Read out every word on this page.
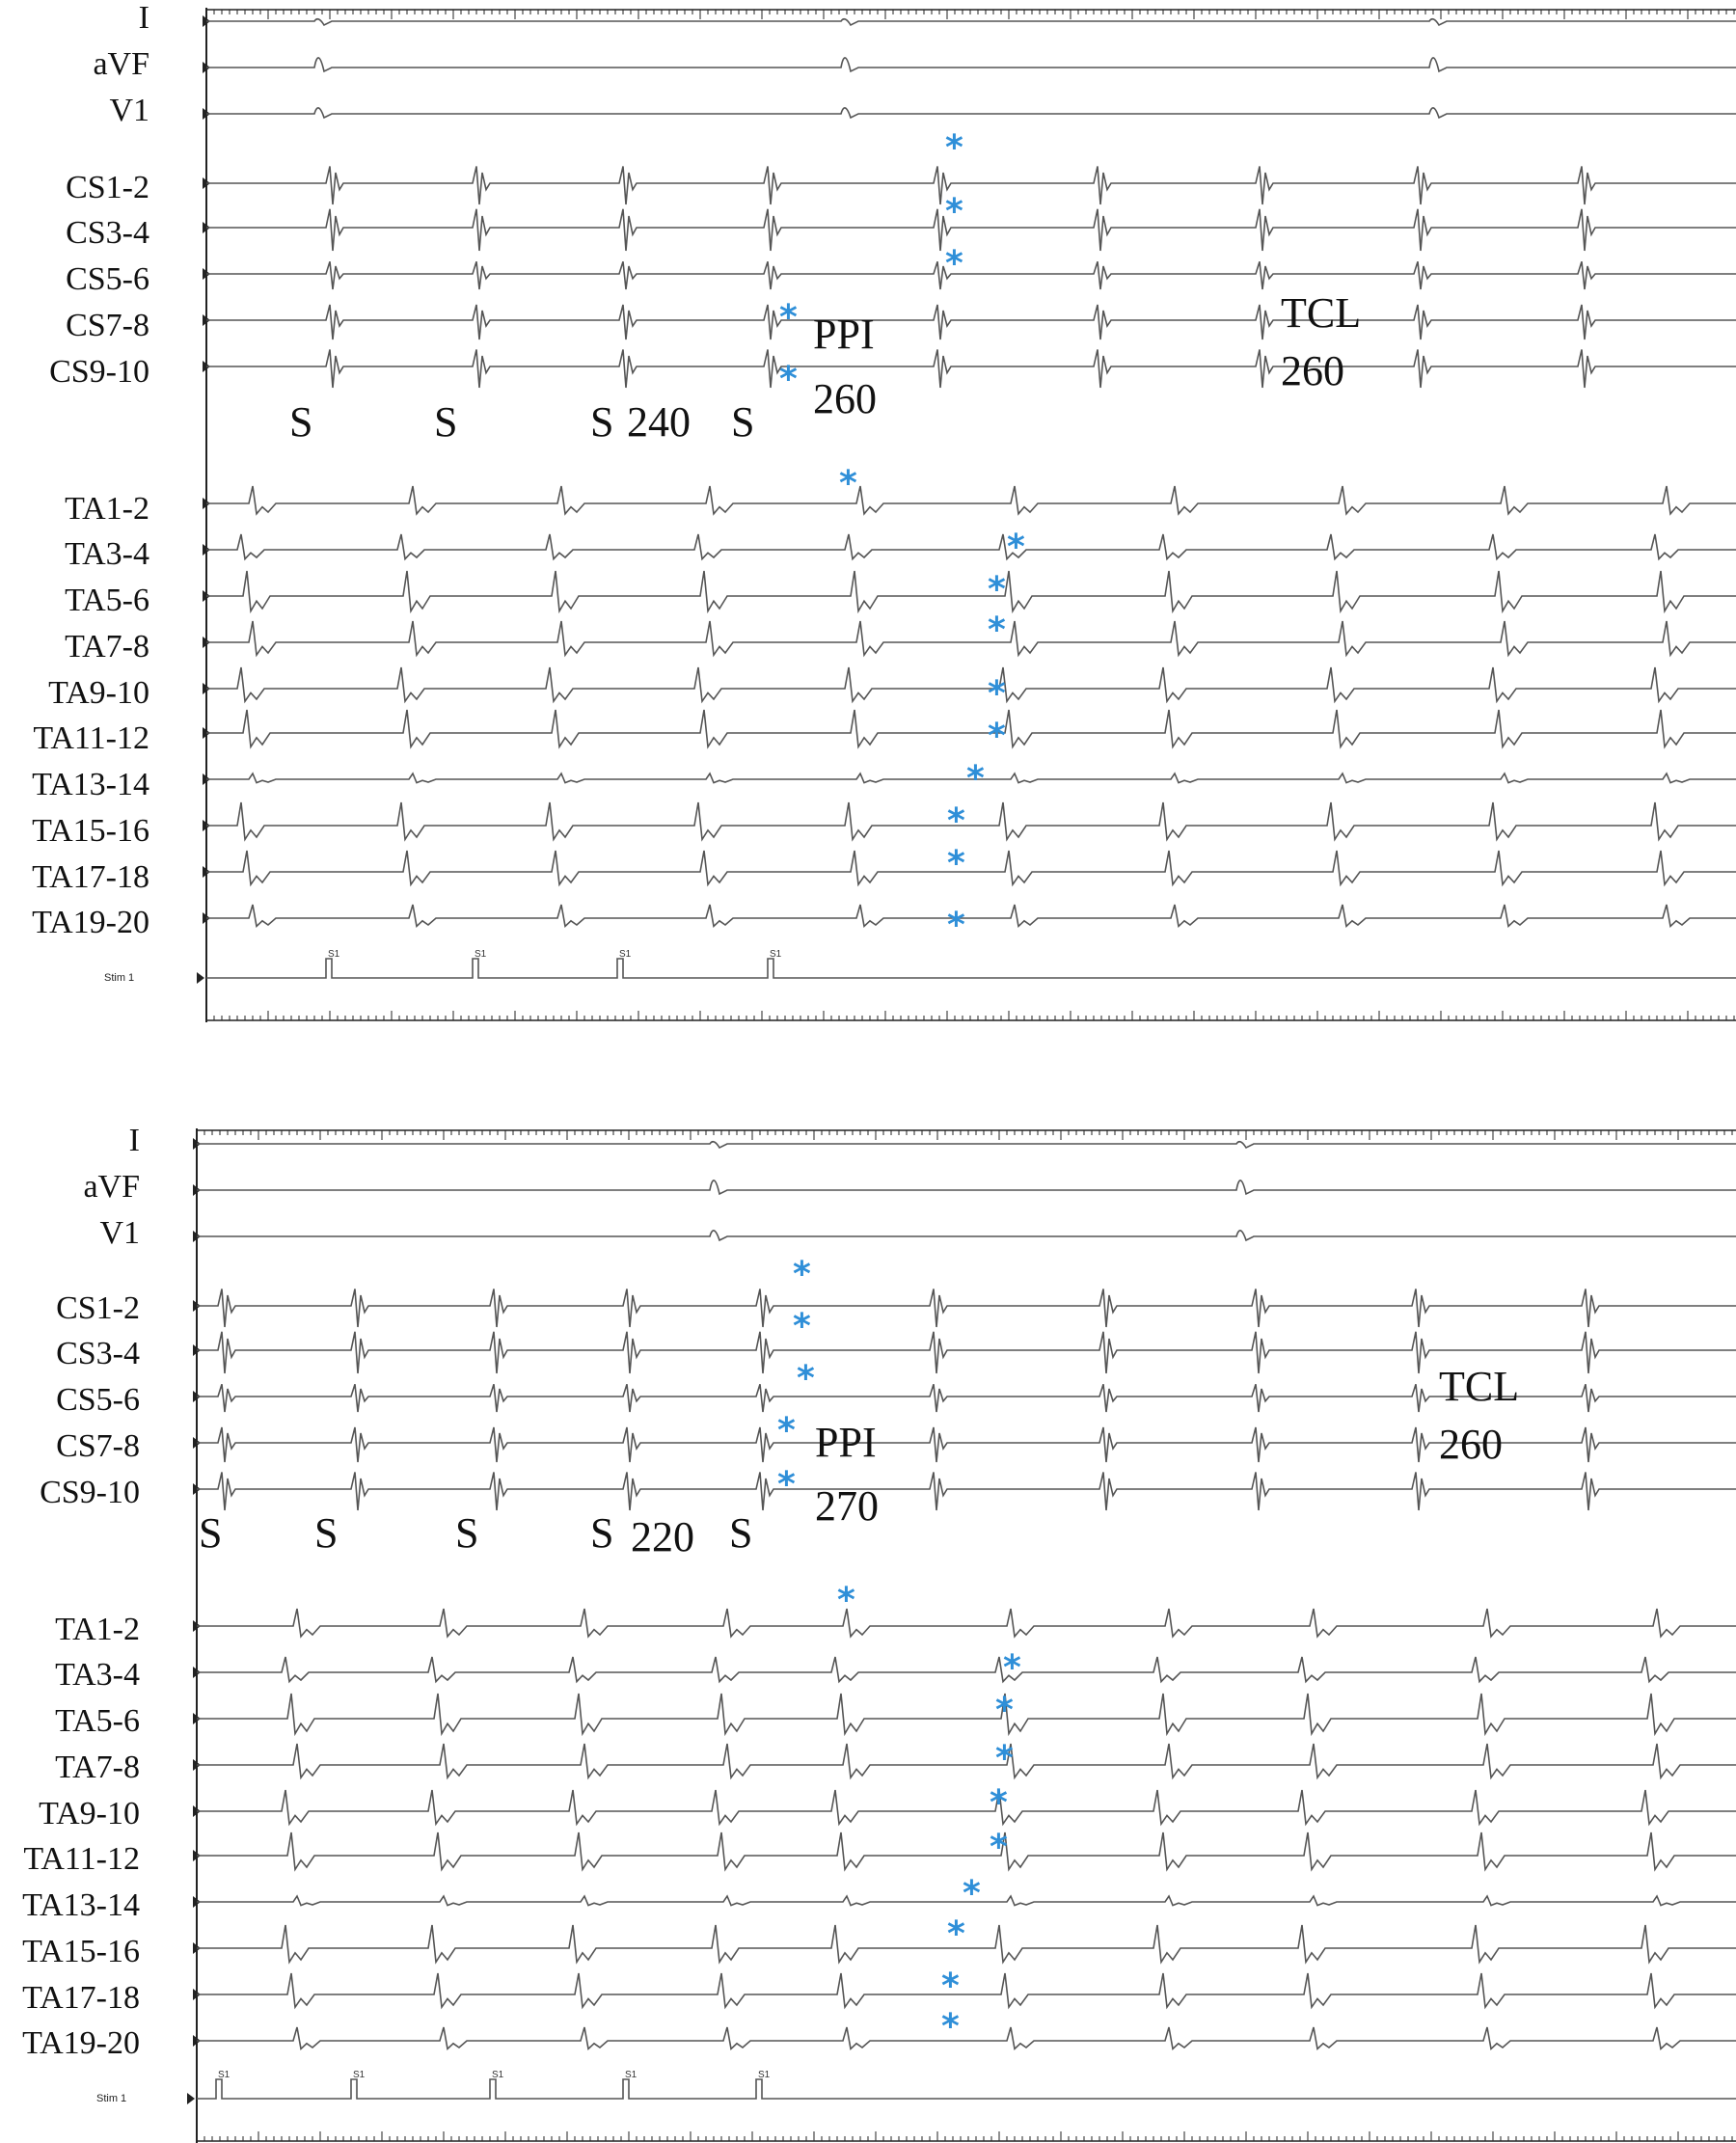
S1	S1	S1	S1
I
aVF
V1
CS1-2
CS3-4
CS5-6
CS7-8
CS9-10
TA1-2
TA3-4
TA5-6
TA7-8
TA9-10
TA11-12
TA13-14
TA15-16
TA17-18
TA19-20
Stim 1
S	S	S 240 S
PPI
260
TCL
260
*
*
*
*
*
*
*
*
*
*
*
*
*
*
*
S1	S1	S1	S1	S1
I
aVF
V1
CS1-2
CS3-4
CS5-6
CS7-8
CS9-10
TA1-2
TA3-4
TA5-6
TA7-8
TA9-10
TA11-12
TA13-14
TA15-16
TA17-18
TA19-20
Stim 1
S S	S	S 220 S
PPI
270
TCL
260
*
*
*
*
*
*
*
*
*
*
*
*
*
*
*
